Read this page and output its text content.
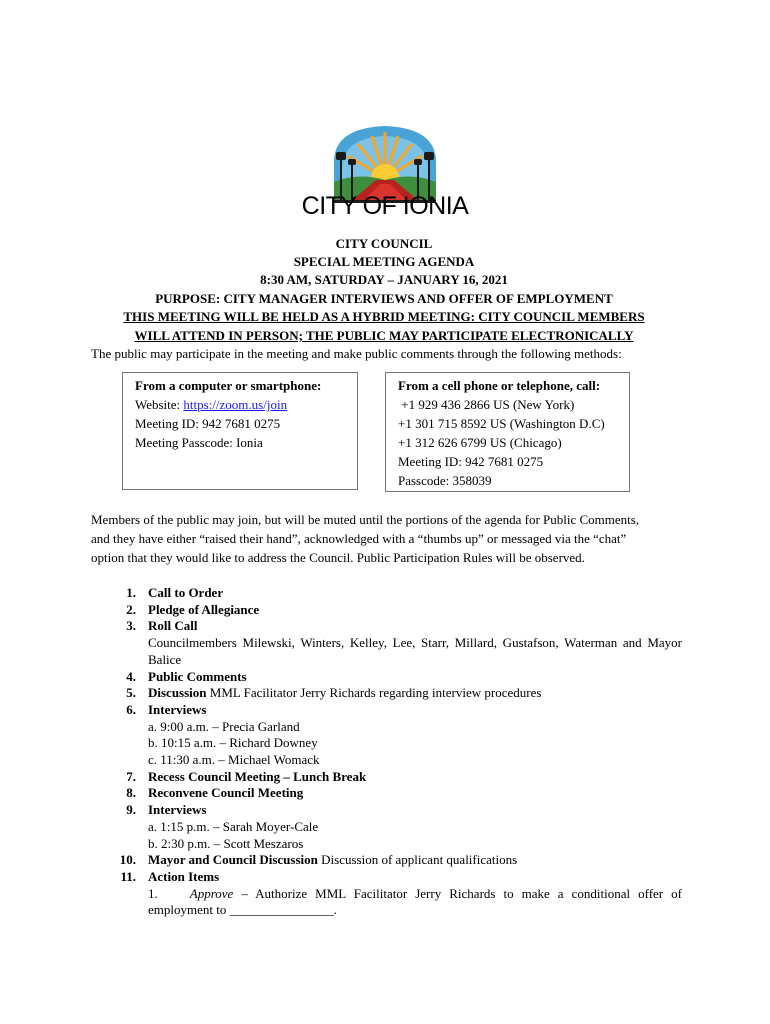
CITY OF IONIA
CITY COUNCIL
SPECIAL MEETING AGENDA
8:30 AM, SATURDAY – JANUARY 16, 2021
PURPOSE: CITY MANAGER INTERVIEWS AND OFFER OF EMPLOYMENT
THIS MEETING WILL BE HELD AS A HYBRID MEETING: CITY COUNCIL MEMBERS
WILL ATTEND IN PERSON; THE PUBLIC MAY PARTICIPATE ELECTRONICALLY
The public may participate in the meeting and make public comments through the following methods:
From a computer or smartphone:
Website: https://zoom.us/join
Meeting ID: 942 7681 0275
Meeting Passcode: Ionia
From a cell phone or telephone, call:
+1 929 436 2866 US (New York)
+1 301 715 8592 US (Washington D.C)
+1 312 626 6799 US (Chicago)
Meeting ID: 942 7681 0275
Passcode: 358039
Members of the public may join, but will be muted until the portions of the agenda for Public Comments,
and they have either “raised their hand”, acknowledged with a “thumbs up” or messaged via the “chat”
option that they would like to address the Council. Public Participation Rules will be observed.
1. Call to Order
2. Pledge of Allegiance
3. Roll Call
Councilmembers Milewski, Winters, Kelley, Lee, Starr, Millard, Gustafson, Waterman and Mayor Balice
4. Public Comments
5. Discussion MML Facilitator Jerry Richards regarding interview procedures
6. Interviews
a. 9:00 a.m. – Precia Garland
b. 10:15 a.m. – Richard Downey
c. 11:30 a.m. – Michael Womack
7. Recess Council Meeting – Lunch Break
8. Reconvene Council Meeting
9. Interviews
a. 1:15 p.m. – Sarah Moyer-Cale
b. 2:30 p.m. – Scott Meszaros
10. Mayor and Council Discussion Discussion of applicant qualifications
11. Action Items
1. Approve – Authorize MML Facilitator Jerry Richards to make a conditional offer of employment to ________________.
